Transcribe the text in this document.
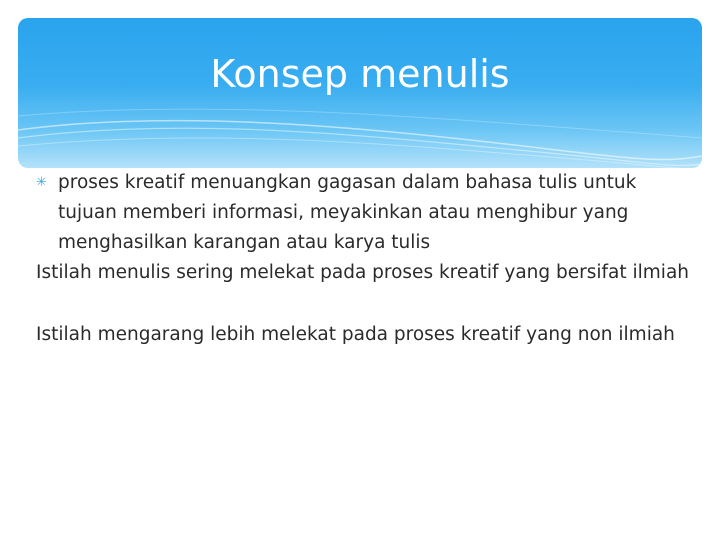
Konsep menulis
✳ proses kreatif menuangkan gagasan dalam bahasa tulis untuk tujuan memberi informasi, meyakinkan atau menghibur yang menghasilkan karangan atau karya tulis

Istilah menulis sering melekat pada proses kreatif yang bersifat ilmiah

Istilah mengarang lebih melekat pada proses kreatif yang non ilmiah
